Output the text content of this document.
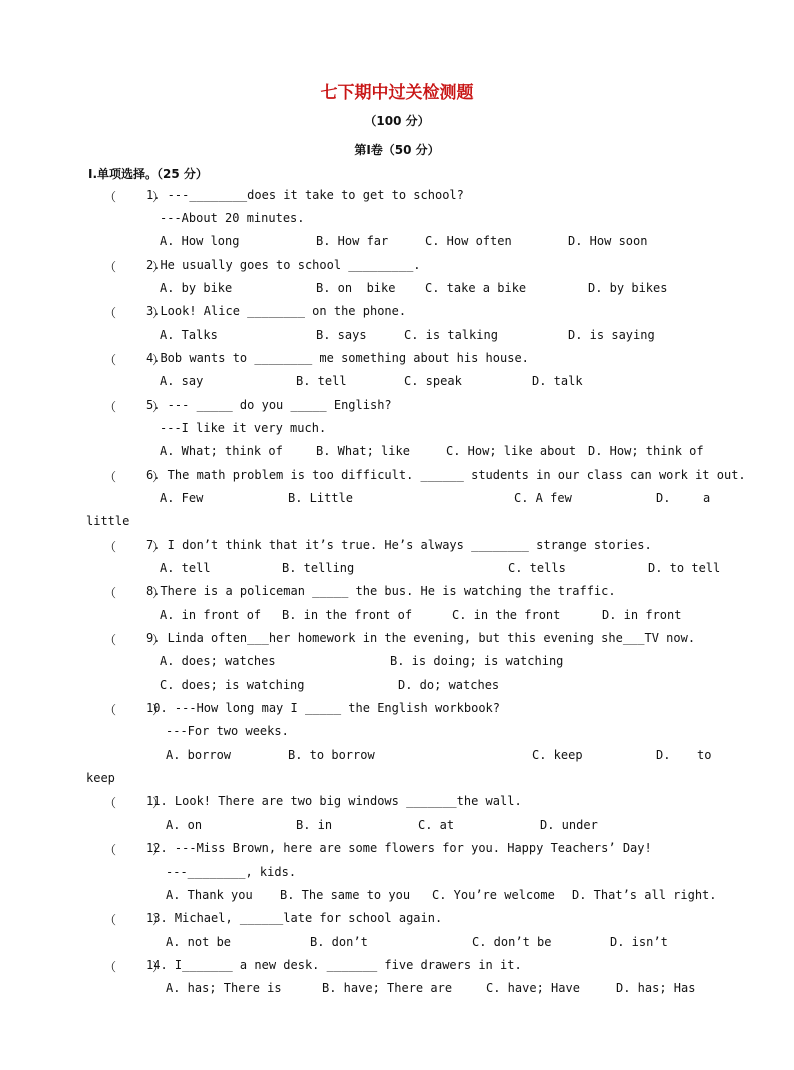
七下期中过关检测题
（100 分）
第Ⅰ卷（50 分）
Ⅰ.单项选择。（25 分）
（     ）
1. ---________does it take to get to school?
---About 20 minutes.
A. How long	B. How far	C. How often	D. How soon
（     ）
2.He usually goes to school _________.
A. by bike	B. on  bike C. take a bike	D. by bikes
（     ）
3.Look! Alice ________ on the phone.
A. Talks	B. says	C. is talking	D. is saying
（     ）
4.Bob wants to ________ me something about his house.
A. say	B. tell	C. speak	D. talk
（     ）
5. --- _____ do you _____ English?
---I like it very much.
A. What; think of	B. What; like	C. How; like about D. How; think of
（     ）
6. The math problem is too difficult. ______ students in our class can work it out.
A. Few	B. Little	C. A few	D.	a
little
（     ）
7. I don’t think that it’s true. He’s always ________ strange stories.
A. tell	B. telling	C. tells	D. to tell
（     ）
8.There is a policeman _____ the bus. He is watching the traffic.
A. in front of B. in the front of	C. in the front	D. in front
（     ）
9. Linda often___her homework in the evening, but this evening she___TV now.
A. does; watches	B. is doing; is watching
C. does; is watching	D. do; watches
（     ）
10. ---How long may I _____ the English workbook?
---For two weeks.
A. borrow	B. to borrow	C. keep	D. to
keep
（     ）
11. Look! There are two big windows _______the wall.
A. on	B. in	C. at	D. under
（     ）
12. ---Miss Brown, here are some flowers for you. Happy Teachers’ Day!
---________, kids.
A. Thank you B. The same to you C. You’re welcome D. That’s all right.
（     ）
13. Michael, ______late for school again.
A. not be	B. don’t	C. don’t be	D. isn’t
（     ）
14. I_______ a new desk. _______ five drawers in it.
A. has; There is	B. have; There are	C. have; Have	D. has; Has
